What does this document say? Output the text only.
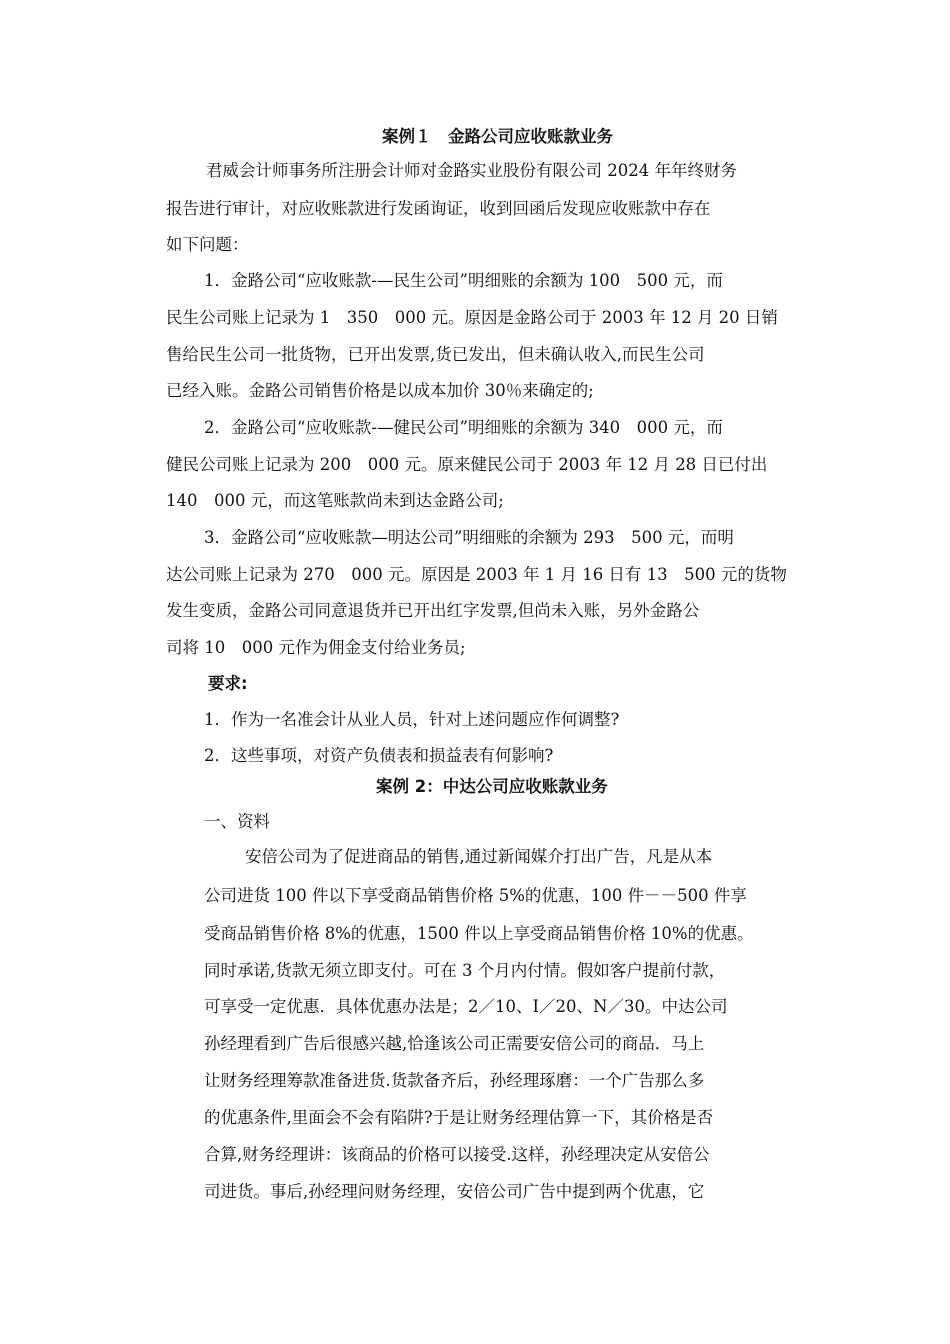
案例１　金路公司应收账款业务
君威会计师事务所注册会计师对金路实业股份有限公司 2024 年年终财务
报告进行审计，对应收账款进行发函询证，收到回函后发现应收账款中存在
如下问题：
1．金路公司“应收账款-—民生公司”明细账的余额为 100　500 元，而
民生公司账上记录为 1　350　000 元。原因是金路公司于 2003 年 12 月 20 日销
售给民生公司一批货物，已开出发票,货已发出，但未确认收入,而民生公司
已经入账。金路公司销售价格是以成本加价 30％来确定的;
2．金路公司“应收账款-—健民公司”明细账的余额为 340　000 元，而
健民公司账上记录为 200　000 元。原来健民公司于 2003 年 12 月 28 日已付出
140　000 元，而这笔账款尚未到达金路公司;
3．金路公司“应收账款—明达公司”明细账的余额为 293　500 元，而明
达公司账上记录为 270　000 元。原因是 2003 年 1 月 16 日有 13　500 元的货物
发生变质，金路公司同意退货并已开出红字发票,但尚未入账，另外金路公
司将 10　000 元作为佣金支付给业务员;
要求:
1．作为一名准会计从业人员，针对上述问题应作何调整?
2．这些事项，对资产负债表和损益表有何影响?
案例 2：中达公司应收账款业务
一、资料
安倍公司为了促进商品的销售,通过新闻媒介打出广告，凡是从本
公司进货 100 件以下享受商品销售价格 5%的优惠，100 件－－500 件享
受商品销售价格 8%的优惠，1500 件以上享受商品销售价格 10%的优惠。
同时承诺,货款无须立即支付。可在 3 个月内付情。假如客户提前付款，
可享受一定优惠．具体优惠办法是；2／10、I／20、N／30。中达公司
孙经理看到广告后很感兴越,恰逢该公司正需要安倍公司的商品．马上
让财务经理筹款准备进货.货款备齐后，孙经理琢磨：一个广告那么多
的优惠条件,里面会不会有陷阱?于是让财务经理估算一下，其价格是否
合算,财务经理讲：该商品的价格可以接受.这样，孙经理决定从安倍公
司进货。事后,孙经理问财务经理，安倍公司广告中提到两个优惠，它
